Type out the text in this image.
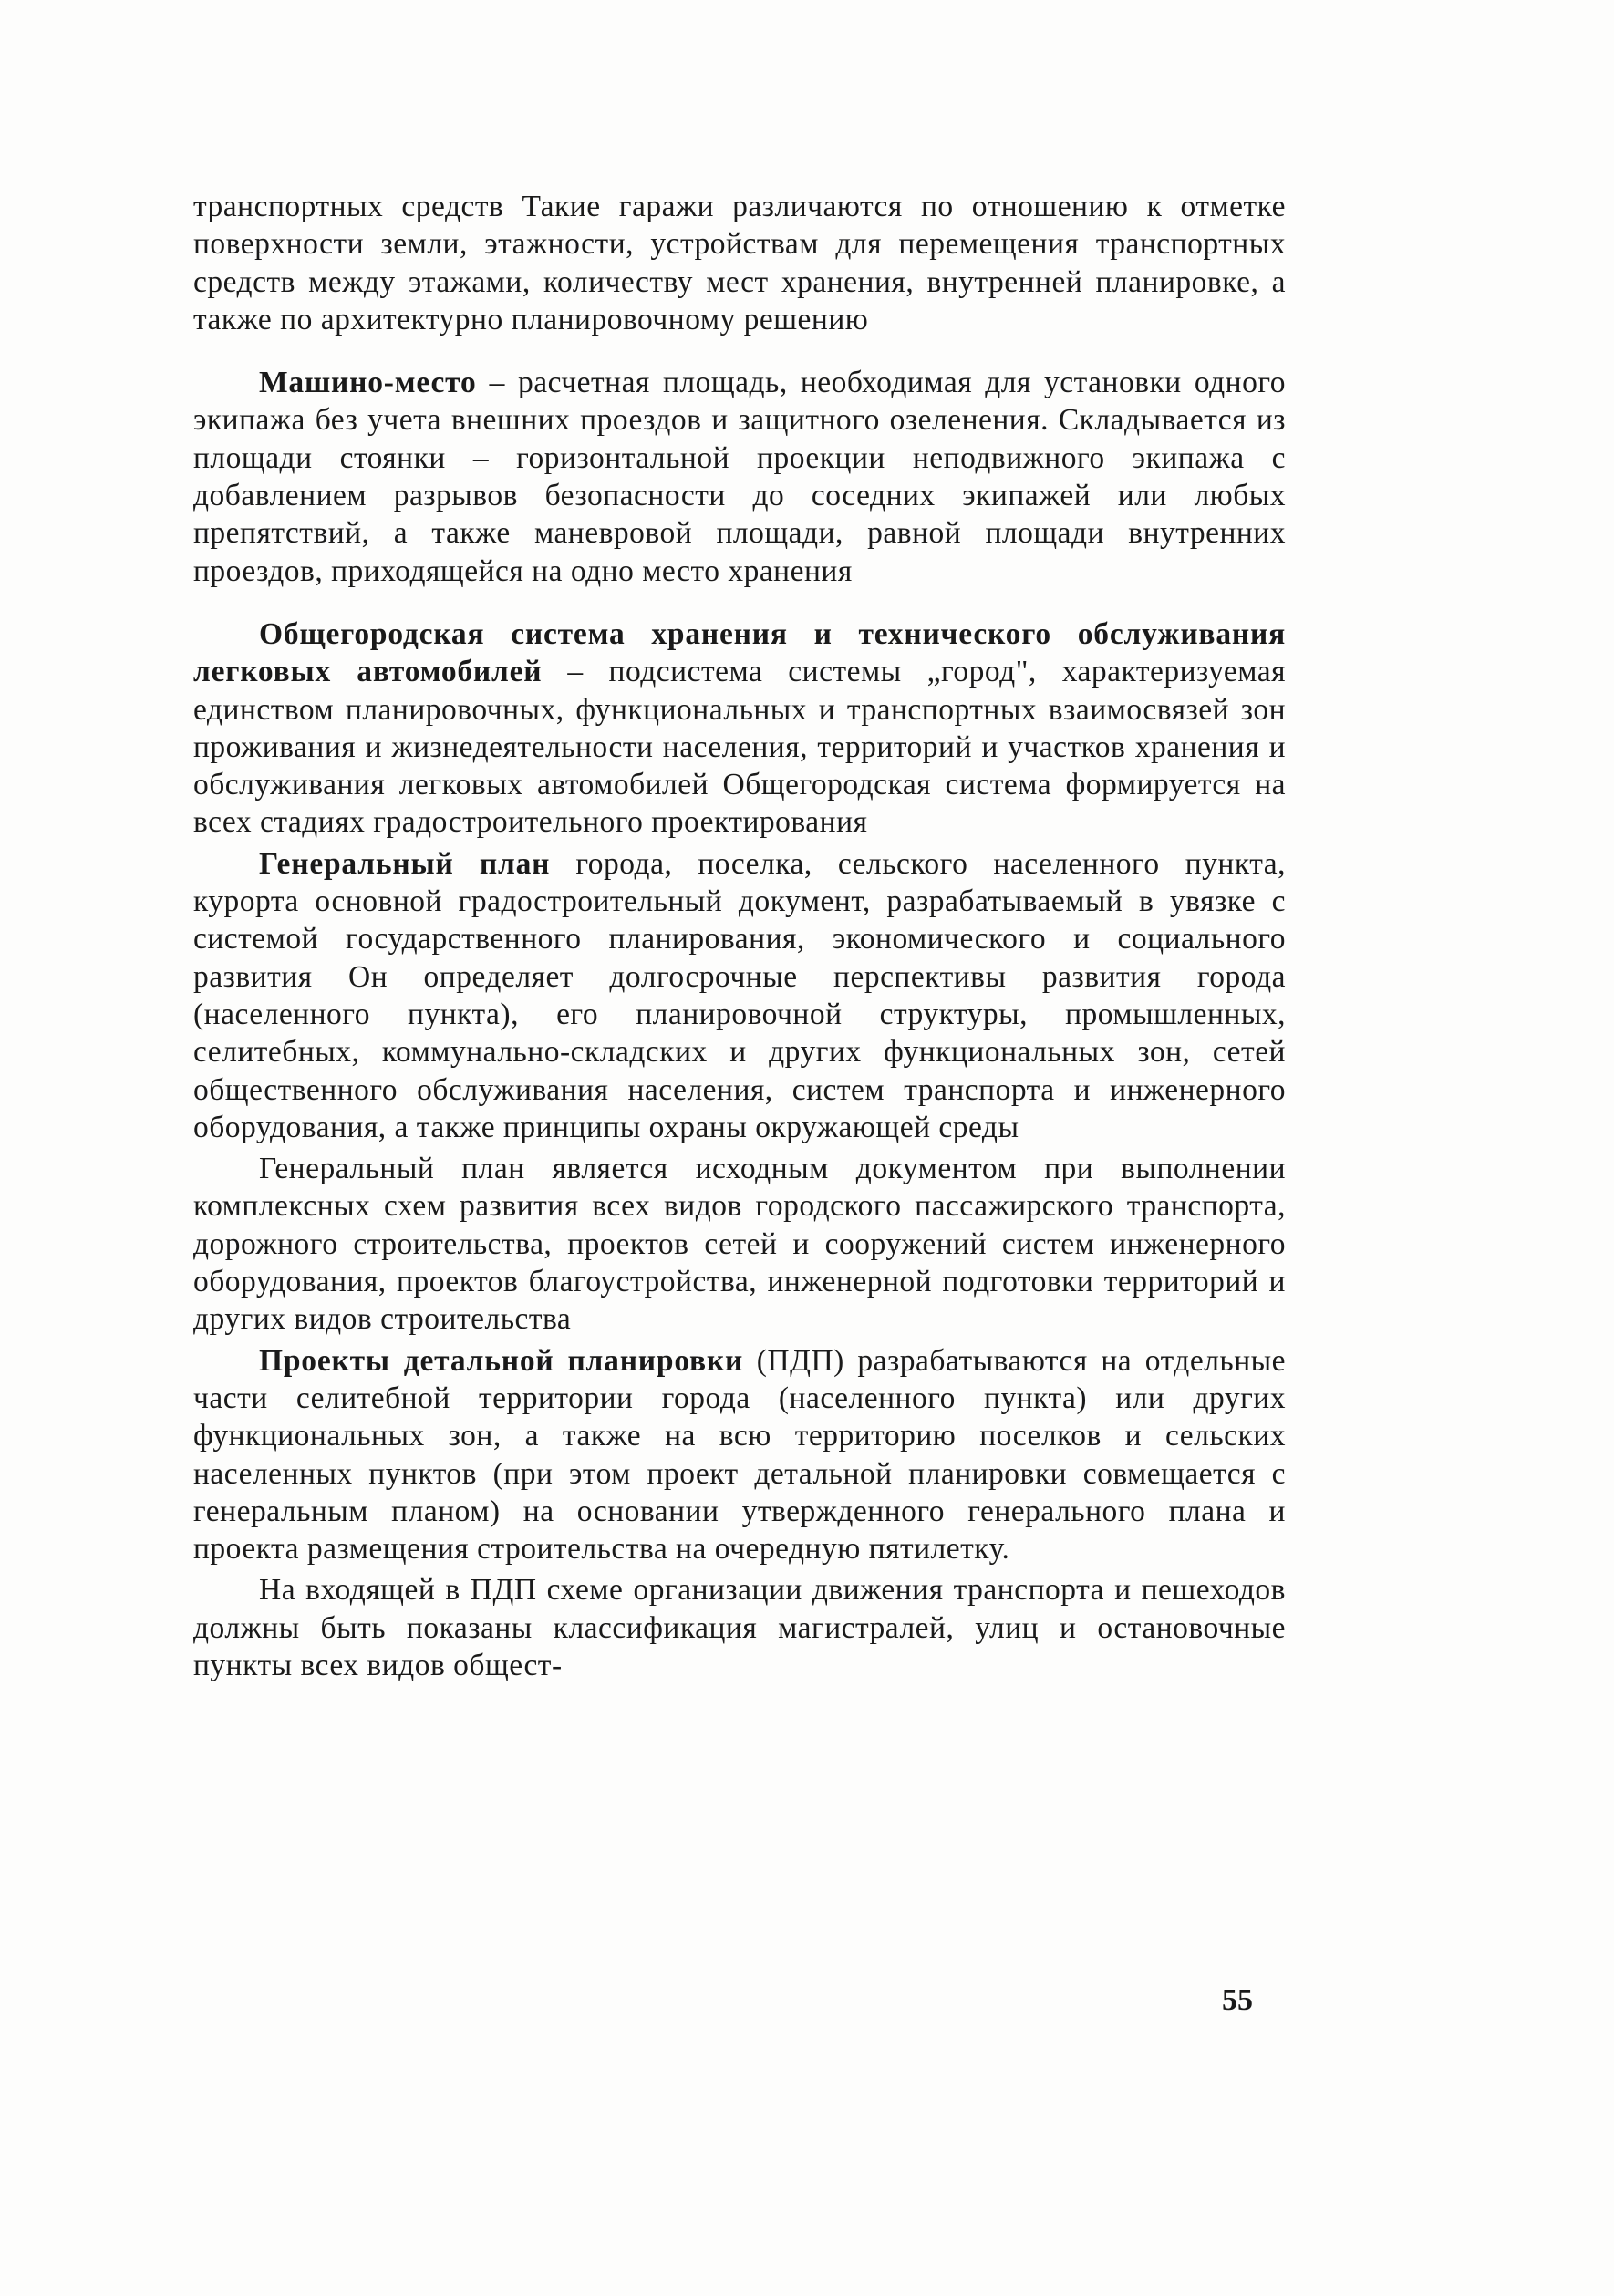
транспортных средств Такие гаражи различаются по отношению к отметке поверхности земли, этажности, устройствам для перемещения транспортных средств между этажами, количеству мест хранения, внутренней планировке, а также по архитектурно планировочному решению

Машино-место – расчетная площадь, необходимая для установки одного экипажа без учета внешних проездов и защитного озеленения. Складывается из площади стоянки – горизонтальной проекции неподвижного экипажа с добавлением разрывов безопасности до соседних экипажей или любых препятствий, а также маневровой площади, равной площади внутренних проездов, приходящейся на одно место хранения

Общегородская система хранения и технического обслуживания легковых автомобилей – подсистема системы „город", характеризуемая единством планировочных, функциональных и транспортных взаимосвязей зон проживания и жизнедеятельности населения, территорий и участков хранения и обслуживания легковых автомобилей Общегородская система формируется на всех стадиях градостроительного проектирования

Генеральный план города, поселка, сельского населенного пункта, курорта основной градостроительный документ, разрабатываемый в увязке с системой государственного планирования, экономического и социального развития Он определяет долгосрочные перспективы развития города (населенного пункта), его планировочной структуры, промышленных, селитебных, коммунально-складских и других функциональных зон, сетей общественного обслуживания населения, систем транспорта и инженерного оборудования, а также принципы охраны окружающей среды

Генеральный план является исходным документом при выполнении комплексных схем развития всех видов городского пассажирского транспорта, дорожного строительства, проектов сетей и сооружений систем инженерного оборудования, проектов благоустройства, инженерной подготовки территорий и других видов строительства

Проекты детальной планировки (ПДП) разрабатываются на отдельные части селитебной территории города (населенного пункта) или других функциональных зон, а также на всю территорию поселков и сельских населенных пунктов (при этом проект детальной планировки совмещается с генеральным планом) на основании утвержденного генерального плана и проекта размещения строительства на очередную пятилетку.

На входящей в ПДП схеме организации движения транспорта и пешеходов должны быть показаны классификация магистралей, улиц и остановочные пункты всех видов общест-

55
